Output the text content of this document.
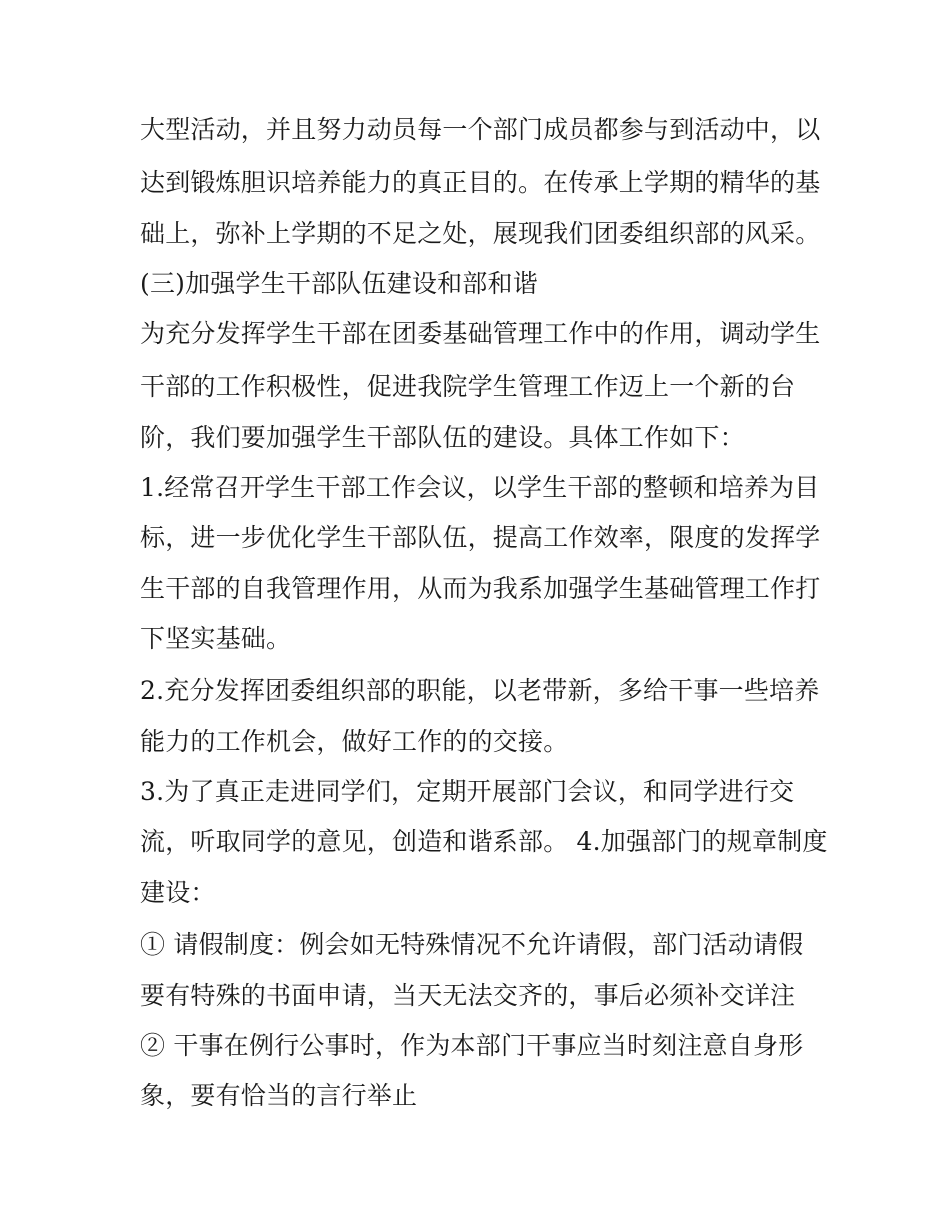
大型活动，并且努力动员每一个部门成员都参与到活动中，以
达到锻炼胆识培养能力的真正目的。在传承上学期的精华的基
础上，弥补上学期的不足之处，展现我们团委组织部的风采。
(三)加强学生干部队伍建设和部和谐
为充分发挥学生干部在团委基础管理工作中的作用，调动学生
干部的工作积极性，促进我院学生管理工作迈上一个新的台
阶，我们要加强学生干部队伍的建设。具体工作如下：
1.经常召开学生干部工作会议，以学生干部的整顿和培养为目
标，进一步优化学生干部队伍，提高工作效率，限度的发挥学
生干部的自我管理作用，从而为我系加强学生基础管理工作打
下坚实基础。
2.充分发挥团委组织部的职能，以老带新，多给干事一些培养
能力的工作机会，做好工作的的交接。
3.为了真正走进同学们，定期开展部门会议，和同学进行交
流，听取同学的意见，创造和谐系部。 4.加强部门的规章制度
建设：
① 请假制度：例会如无特殊情况不允许请假，部门活动请假
要有特殊的书面申请，当天无法交齐的，事后必须补交详注
② 干事在例行公事时，作为本部门干事应当时刻注意自身形
象，要有恰当的言行举止
